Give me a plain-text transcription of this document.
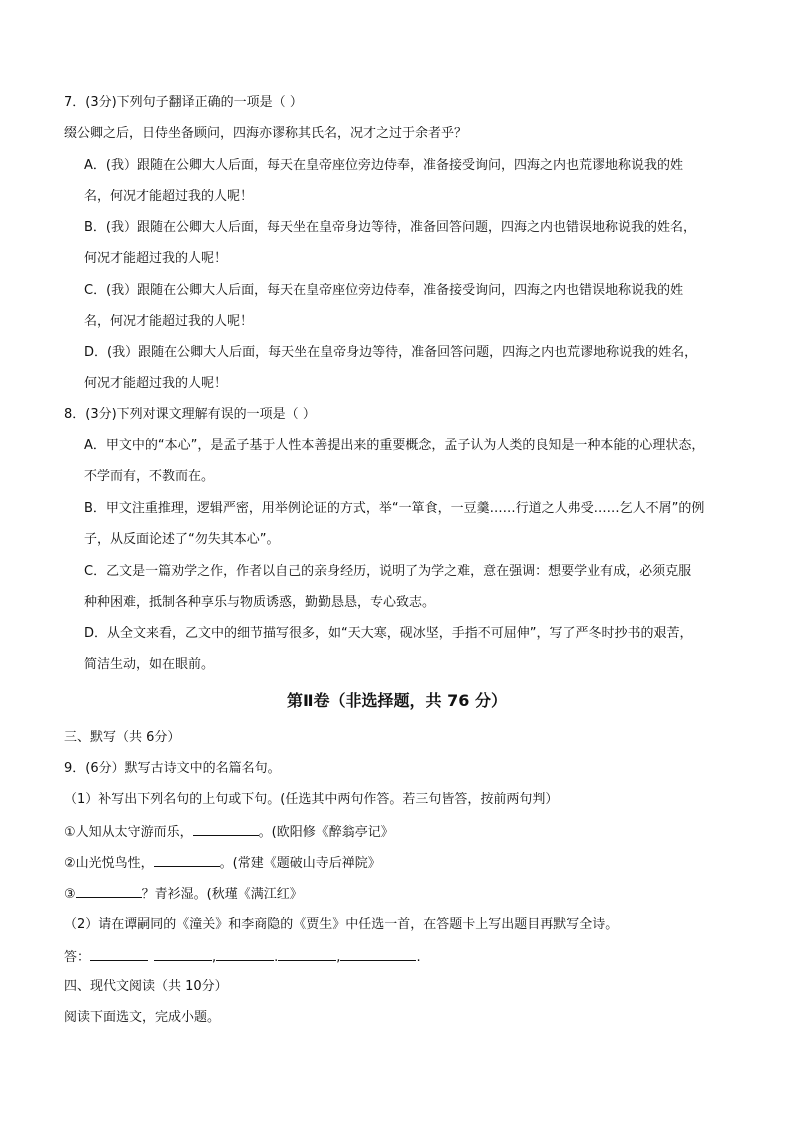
7．(3分)下列句子翻译正确的一项是（ ）
缀公卿之后，日侍坐备顾问，四海亦谬称其氏名，况才之过于余者乎？
A．(我）跟随在公卿大人后面，每天在皇帝座位旁边侍奉，准备接受询问，四海之内也荒谬地称说我的姓
名，何况才能超过我的人呢！
B．(我）跟随在公卿大人后面，每天坐在皇帝身边等待，准备回答问题，四海之内也错误地称说我的姓名，
何况才能超过我的人呢！
C．(我）跟随在公卿大人后面，每天在皇帝座位旁边侍奉，准备接受询问，四海之内也错误地称说我的姓
名，何况才能超过我的人呢！
D．(我）跟随在公卿大人后面，每天坐在皇帝身边等待，准备回答问题，四海之内也荒谬地称说我的姓名，
何况才能超过我的人呢！
8．(3分)下列对课文理解有误的一项是（ ）
A．甲文中的“本心”，是孟子基于人性本善提出来的重要概念，孟子认为人类的良知是一种本能的心理状态，
不学而有，不教而在。
B．甲文注重推理，逻辑严密，用举例论证的方式，举“一箪食，一豆羹……行道之人弗受……乞人不屑”的例
子，从反面论述了“勿失其本心”。
C．乙文是一篇劝学之作，作者以自己的亲身经历，说明了为学之难，意在强调：想要学业有成，必须克服
种种困难，抵制各种享乐与物质诱惑，勤勤恳恳，专心致志。
D．从全文来看，乙文中的细节描写很多，如“天大寒，砚冰坚，手指不可屈伸”，写了严冬时抄书的艰苦，
简洁生动，如在眼前。
第Ⅱ卷（非选择题，共 76 分）
三、默写（共 6分）
9．(6分）默写古诗文中的名篇名句。
（1）补写出下列名句的上句或下句。(任选其中两句作答。若三句皆答，按前两句判）
①人知从太守游而乐，	。(欧阳修《醉翁亭记》
②山光悦鸟性，	。(常建《题破山寺后禅院》
③	？青衫湿。(秋瑾《满江红》
（2）请在谭嗣同的《潼关》和李商隐的《贾生》中任选一首，在答题卡上写出题目再默写全诗。
答：	,	.	,	.
四、现代文阅读（共 10分）
阅读下面选文，完成小题。
